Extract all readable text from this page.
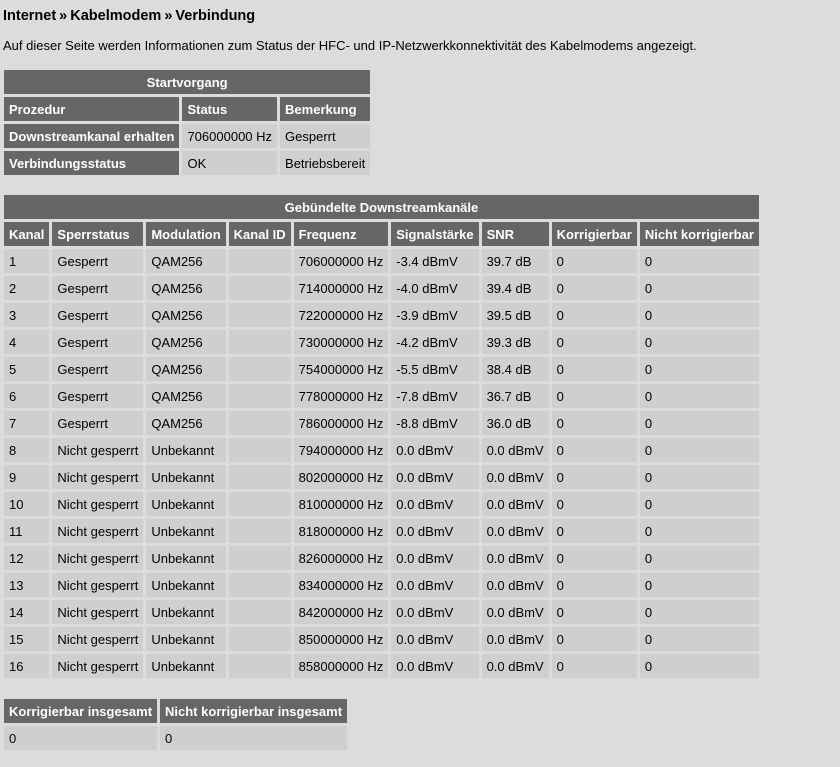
Internet » Kabelmodem » Verbindung
Auf dieser Seite werden Informationen zum Status der HFC- und IP-Netzwerkkonnektivität des Kabelmodems angezeigt.
Startvorgang		
Prozedur	Status	Bemerkung
Downstreamkanal erhalten	706000000 Hz	Gesperrt
Verbindungsstatus	OK	Betriebsbereit
Gebündelte Downstreamkanäle								
Kanal	Sperrstatus	Modulation	Kanal ID	Frequenz	Signalstärke	SNR	Korrigierbar	Nicht korrigierbar
1	Gesperrt	QAM256		706000000 Hz	-3.4 dBmV	39.7 dB	0	0
2	Gesperrt	QAM256		714000000 Hz	-4.0 dBmV	39.4 dB	0	0
3	Gesperrt	QAM256		722000000 Hz	-3.9 dBmV	39.5 dB	0	0
4	Gesperrt	QAM256		730000000 Hz	-4.2 dBmV	39.3 dB	0	0
5	Gesperrt	QAM256		754000000 Hz	-5.5 dBmV	38.4 dB	0	0
6	Gesperrt	QAM256		778000000 Hz	-7.8 dBmV	36.7 dB	0	0
7	Gesperrt	QAM256		786000000 Hz	-8.8 dBmV	36.0 dB	0	0
8	Nicht gesperrt	Unbekannt		794000000 Hz	0.0 dBmV	0.0 dBmV	0	0
9	Nicht gesperrt	Unbekannt		802000000 Hz	0.0 dBmV	0.0 dBmV	0	0
10	Nicht gesperrt	Unbekannt		810000000 Hz	0.0 dBmV	0.0 dBmV	0	0
11	Nicht gesperrt	Unbekannt		818000000 Hz	0.0 dBmV	0.0 dBmV	0	0
12	Nicht gesperrt	Unbekannt		826000000 Hz	0.0 dBmV	0.0 dBmV	0	0
13	Nicht gesperrt	Unbekannt		834000000 Hz	0.0 dBmV	0.0 dBmV	0	0
14	Nicht gesperrt	Unbekannt		842000000 Hz	0.0 dBmV	0.0 dBmV	0	0
15	Nicht gesperrt	Unbekannt		850000000 Hz	0.0 dBmV	0.0 dBmV	0	0
16	Nicht gesperrt	Unbekannt		858000000 Hz	0.0 dBmV	0.0 dBmV	0	0
Korrigierbar insgesamt	Nicht korrigierbar insgesamt
0	0
